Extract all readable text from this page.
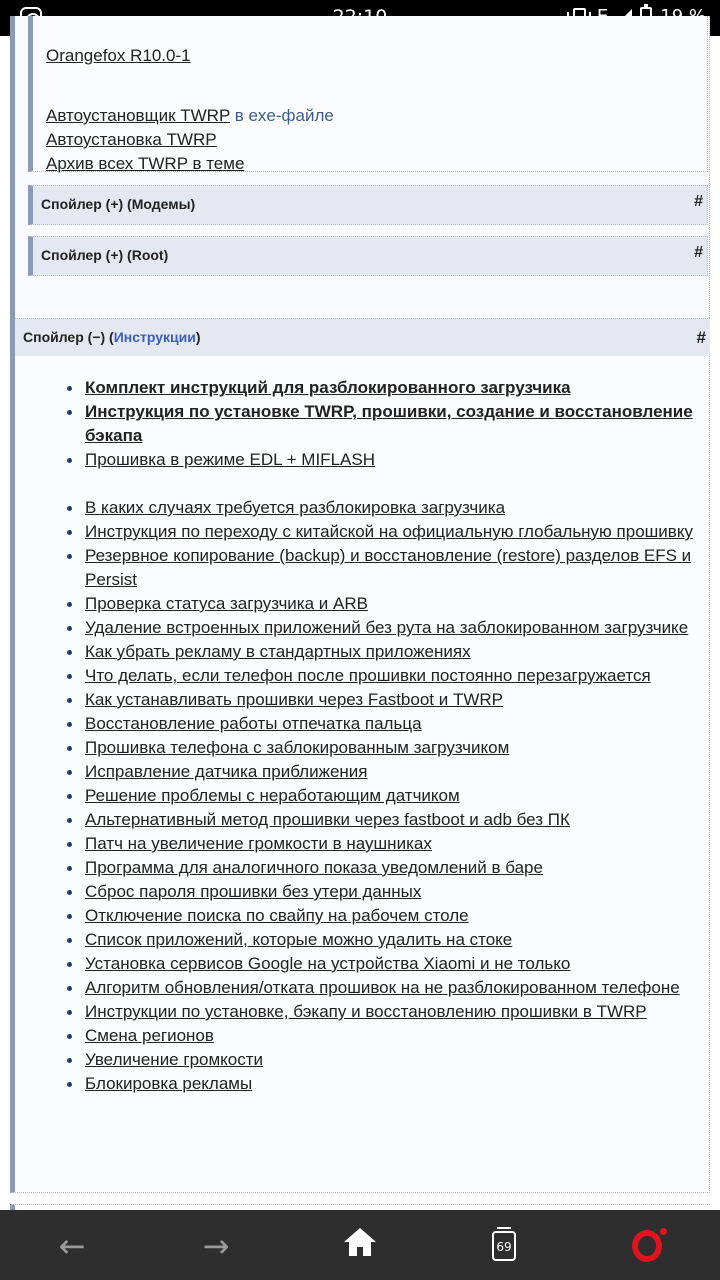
Orangefox R10.0-1
Автоустановщик TWRP в exe-файле
Автоустановка TWRP
Архив всех TWRP в теме
Спойлер (+) (Модемы)	#
Спойлер (+) (Root)	#
Спойлер (−) (Инструкции)	#
Комплект инструкций для разблокированного загрузчика
Инструкция по установке TWRP, прошивки, создание и восстановление бэкапа
Прошивка в режиме EDL + MIFLASH
В каких случаях требуется разблокировка загрузчика
Инструкция по переходу с китайской на официальную глобальную прошивку
Резервное копирование (backup) и восстановление (restore) разделов EFS и Persist
Проверка статуса загрузчика и ARB
Удаление встроенных приложений без рута на заблокированном загрузчике
Как убрать рекламу в стандартных приложениях
Что делать, если телефон после прошивки постоянно перезагружается
Как устанавливать прошивки через Fastboot и TWRP
Восстановление работы отпечатка пальца
Прошивка телефона с заблокированным загрузчиком
Исправление датчика приближения
Решение проблемы с неработающим датчиком
Альтернативный метод прошивки через fastboot и adb без ПК
Патч на увеличение громкости в наушниках
Программа для аналогичного показа уведомлений в баре
Сброс пароля прошивки без утери данных
Отключение поиска по свайпу на рабочем столе
Список приложений, которые можно удалить на стоке
Установка сервисов Google на устройства Xiaomi и не только
Алгоритм обновления/отката прошивок на не разблокированном телефоне
Инструкции по установке, бэкапу и восстановлению прошивки в TWRP
Смена регионов
Увеличение громкости
Блокировка рекламы
←	→	69
